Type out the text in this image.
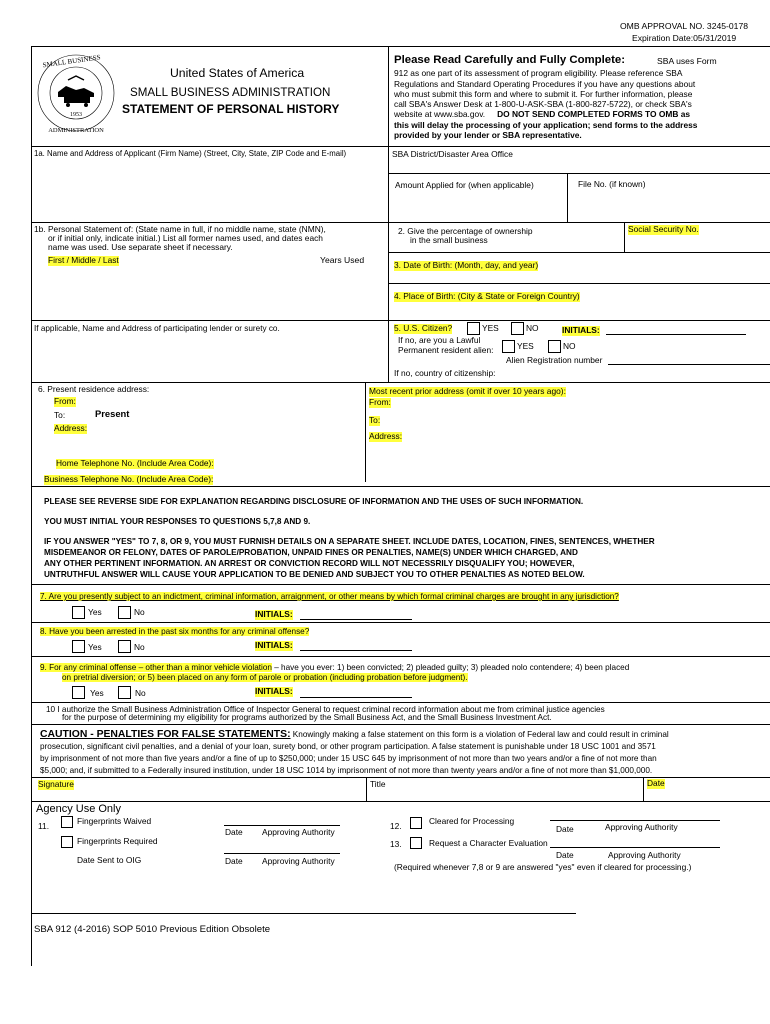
OMB APPROVAL NO. 3245-0178
Expiration Date:05/31/2019
SMALL BUSINESS
ADMINISTRATION
1953
United States of America
SMALL BUSINESS ADMINISTRATION
STATEMENT OF PERSONAL HISTORY
Please Read Carefully and Fully Complete:	SBA uses Form
912 as one part of its assessment of program eligibility. Please reference SBA
Regulations and Standard Operating Procedures if you have any questions about
who must submit this form and where to submit it. For further information, please
call SBA's Answer Desk at 1-800-U-ASK-SBA (1-800-827-5722), or check SBA's
website at www.sba.gov. DO NOT SEND COMPLETED FORMS TO OMB as
this will delay the processing of your application; send forms to the address
provided by your lender or SBA representative.
1a. Name and Address of Applicant (Firm Name) (Street, City, State, ZIP Code and E-mail)	SBA District/Disaster Area Office
Amount Applied for (when applicable)	File No. (if known)
1b. Personal Statement of: (State name in full, if no middle name, state (NMN),
or if initial only, indicate initial.) List all former names used, and dates each
name was used. Use separate sheet if necessary.
First / Middle / Last	Years Used
2. Give the percentage of ownership
in the small business
Social Security No.
3. Date of Birth: (Month, day, and year)
4. Place of Birth: (City & State or Foreign Country)
If applicable, Name and Address of participating lender or surety co.	5. U.S. Citizen?	YES	NO	INITIALS:
If no, are you a Lawful
Permanent resident alien:	YES	NO
Alien Registration number
If no, country of citizenship:
6. Present residence address:
From:
To:	Present
Address:
Most recent prior address (omit if over 10 years ago):
From:
To:
Address:
Home Telephone No. (Include Area Code):
Business Telephone No. (Include Area Code):
PLEASE SEE REVERSE SIDE FOR EXPLANATION REGARDING DISCLOSURE OF INFORMATION AND THE USES OF SUCH INFORMATION.
YOU MUST INITIAL YOUR RESPONSES TO QUESTIONS 5,7,8 AND 9.
IF YOU ANSWER "YES" TO 7, 8, OR 9, YOU MUST FURNISH DETAILS ON A SEPARATE SHEET. INCLUDE DATES, LOCATION, FINES, SENTENCES, WHETHER
MISDEMEANOR OR FELONY, DATES OF PAROLE/PROBATION, UNPAID FINES OR PENALTIES, NAME(S) UNDER WHICH CHARGED, AND
ANY OTHER PERTINENT INFORMATION. AN ARREST OR CONVICTION RECORD WILL NOT NECESSRILY DISQUALIFY YOU; HOWEVER,
UNTRUTHFUL ANSWER WILL CAUSE YOUR APPLICATION TO BE DENIED AND SUBJECT YOU TO OTHER PENALTIES AS NOTED BELOW.
7. Are you presently subject to an indictment, criminal information, arraignment, or other means by which formal criminal charges are brought in any jurisdiction?
Yes	No	INITIALS:
8. Have you been arrested in the past six months for any criminal offense?
Yes	No	INITIALS:
9. For any criminal offense – other than a minor vehicle violation – have you ever: 1) been convicted; 2) pleaded guilty; 3) pleaded nolo contendere; 4) been placed
on pretrial diversion; or 5) been placed on any form of parole or probation (including probation before judgment).
Yes	No	INITIALS:
10 I authorize the Small Business Administration Office of Inspector General to request criminal record information about me from criminal justice agencies
for the purpose of determining my eligibility for programs authorized by the Small Business Act, and the Small Business Investment Act.
CAUTION - PENALTIES FOR FALSE STATEMENTS: Knowingly making a false statement on this form is a violation of Federal law and could result in criminal
prosecution, significant civil penalties, and a denial of your loan, surety bond, or other program participation. A false statement is punishable under 18 USC 1001 and 3571
by imprisonment of not more than five years and/or a fine of up to $250,000; under 15 USC 645 by imprisonment of not more than two years and/or a fine of not more than
$5,000; and, if submitted to a Federally insured institution, under 18 USC 1014 by imprisonment of not more than twenty years and/or a fine of not more than $1,000,000.
Signature	Title	Date
Agency Use Only
11.	Fingerprints Waived
Date Approving Authority
Fingerprints Required
Date Sent to OIG	Date Approving Authority
12.	Cleared for Processing
Date	Approving Authority
13.	Request a Character Evaluation
Date	Approving Authority
(Required whenever 7,8 or 9 are answered "yes" even if cleared for processing.)
SBA 912 (4-2016) SOP 5010 Previous Edition Obsolete
